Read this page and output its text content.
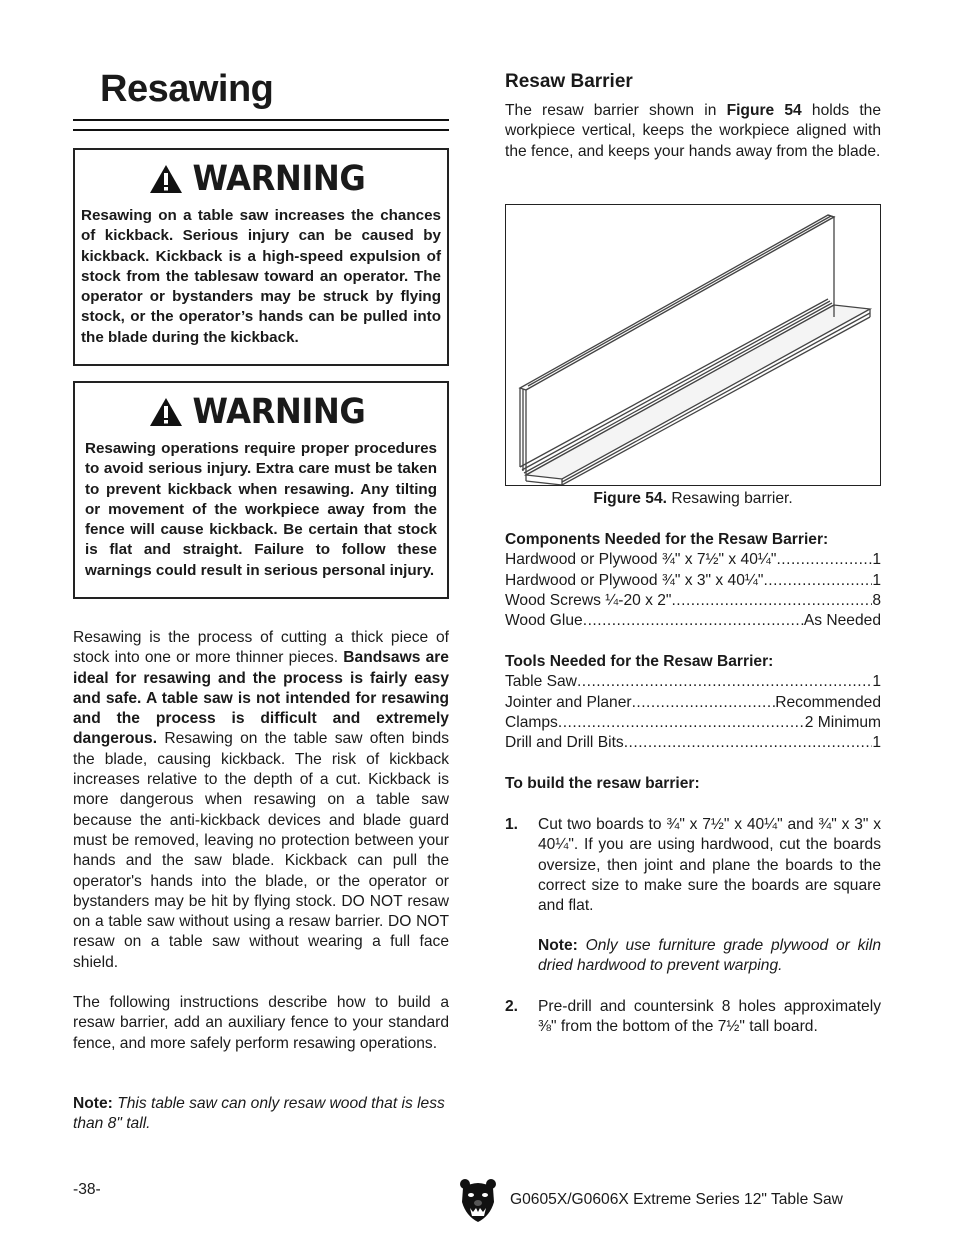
Resawing
WARNING

Resawing on a table saw increases the chances of kickback. Serious injury can be caused by kickback. Kickback is a high-speed expulsion of stock from the tablesaw toward an operator. The operator or bystanders may be struck by flying stock, or the operator’s hands can be pulled into the blade during the kickback.

WARNING

Resawing operations require proper procedures to avoid serious injury. Extra care must be taken to prevent kickback when resawing. Any tilting or movement of the workpiece away from the fence will cause kickback. Be certain that stock is flat and straight. Failure to follow these warnings could result in serious personal injury.

Resawing is the process of cutting a thick piece of stock into one or more thinner pieces. Bandsaws are ideal for resawing and the process is fairly easy and safe. A table saw is not intended for resawing and the process is difficult and extremely dangerous. Resawing on the table saw often binds the blade, causing kickback. The risk of kickback increases relative to the depth of a cut. Kickback is more dangerous when resawing on a table saw because the anti-kickback devices and blade guard must be removed, leaving no protection between your hands and the saw blade. Kickback can pull the operator's hands into the blade, or the operator or bystanders may be hit by flying stock. DO NOT resaw on a table saw without using a resaw barrier. DO NOT resaw on a table saw without wearing a full face shield.

The following instructions describe how to build a resaw barrier, add an auxiliary fence to your standard fence, and more safely perform resawing operations.

Note: This table saw can only resaw wood that is less than 8" tall.

Resaw Barrier

The resaw barrier shown in Figure 54 holds the workpiece vertical, keeps the workpiece aligned with the fence, and keeps your hands away from the blade.

Figure 54. Resawing barrier.
Components Needed for the Resaw Barrier:
Hardwood or Plywood ¾" x 7½" x 40¼" .....	1
Hardwood or Plywood ¾" x 3" x 40¼" .....	1
Wood Screws ¼-20 x 2" .....	8
Wood Glue .....	As Needed
Tools Needed for the Resaw Barrier:
Table Saw .....	1
Jointer and Planer .....	Recommended
Clamps .....	2 Minimum
Drill and Drill Bits .....	1
To build the resaw barrier:
1.	Cut two boards to ¾" x 7½" x 40¼" and ¾" x 3" x 40¼". If you are using hardwood, cut the boards oversize, then joint and plane the boards to the correct size to make sure the boards are square and flat.

Note: Only use furniture grade plywood or kiln dried hardwood to prevent warping.

2.	Pre-drill and countersink 8 holes approximately ⅜" from the bottom of the 7½" tall board.
-38-
G0605X/G0606X Extreme Series 12" Table Saw
